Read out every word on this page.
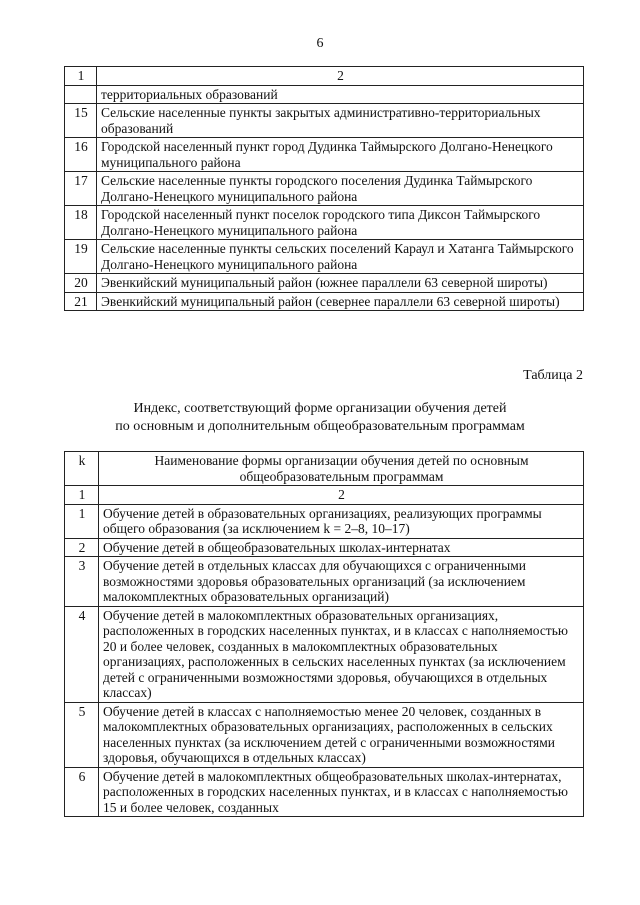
6
1	2
	территориальных образований
15	Сельские населенные пункты закрытых административно-территориальных образований
16	Городской населенный пункт город Дудинка Таймырского Долгано-Ненецкого муниципального района
17	Сельские населенные пункты городского поселения Дудинка Таймырского Долгано-Ненецкого муниципального района
18	Городской населенный пункт поселок городского типа Диксон Таймырского Долгано-Ненецкого муниципального района
19	Сельские населенные пункты сельских поселений Караул и Хатанга Таймырского Долгано-Ненецкого муниципального района
20	Эвенкийский муниципальный район (южнее параллели 63 северной широты)
21	Эвенкийский муниципальный район (севернее параллели 63 северной широты)
Таблица 2
Индекс, соответствующий форме организации обучения детей
по основным и дополнительным общеобразовательным программам
k	Наименование формы организации обучения детей по основным общеобразовательным программам
1	2
1	Обучение детей в образовательных организациях, реализующих программы общего образования (за исключением k = 2–8, 10–17)
2	Обучение детей в общеобразовательных школах-интернатах
3	Обучение детей в отдельных классах для обучающихся с ограниченными возможностями здоровья образовательных организаций (за исключением малокомплектных образовательных организаций)
4	Обучение детей в малокомплектных образовательных организациях, расположенных в городских населенных пунктах, и в классах с наполняемостью 20 и более человек, созданных в малокомплектных образовательных организациях, расположенных в сельских населенных пунктах (за исключением детей с ограниченными возможностями здоровья, обучающихся в отдельных классах)
5	Обучение детей в классах с наполняемостью менее 20 человек, созданных в малокомплектных образовательных организациях, расположенных в сельских населенных пунктах (за исключением детей с ограниченными возможностями здоровья, обучающихся в отдельных классах)
6	Обучение детей в малокомплектных общеобразовательных школах-интернатах, расположенных в городских населенных пунктах, и в классах с наполняемостью 15 и более человек, созданных
